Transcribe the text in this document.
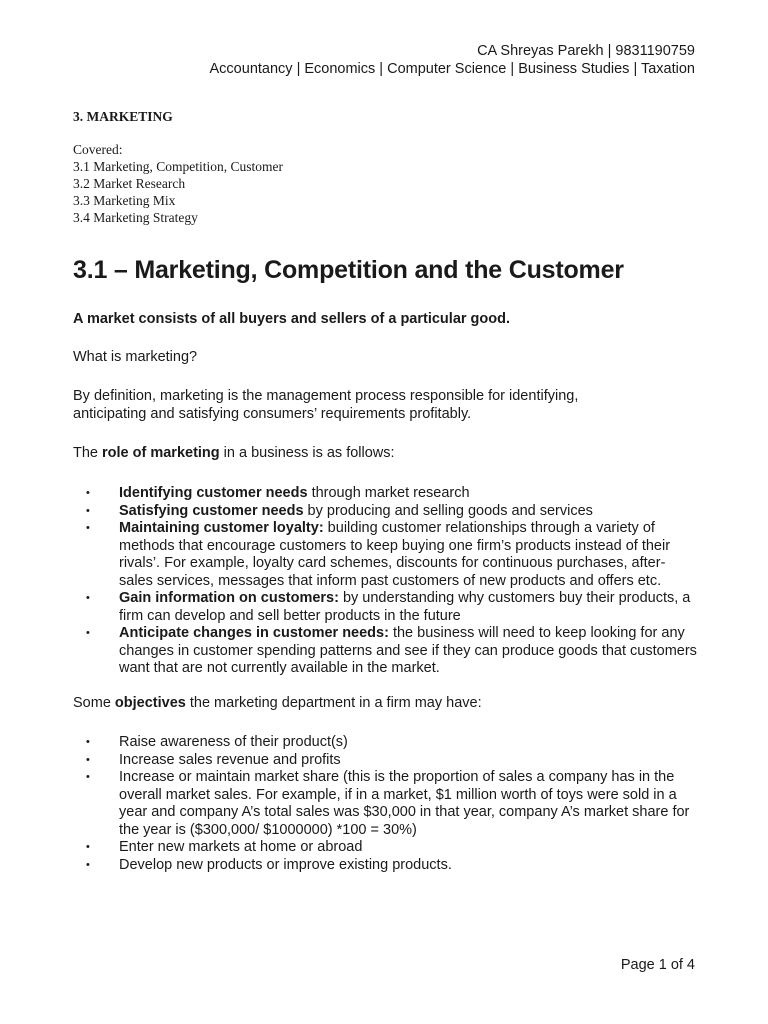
CA Shreyas Parekh | 9831190759
Accountancy | Economics | Computer Science | Business Studies | Taxation
3. MARKETING
Covered:
3.1 Marketing, Competition, Customer
3.2 Market Research
3.3 Marketing Mix
3.4 Marketing Strategy
3.1 – Marketing, Competition and the Customer
A market consists of all buyers and sellers of a particular good.
What is marketing?
By definition, marketing is the management process responsible for identifying, anticipating and satisfying consumers’ requirements profitably.
The role of marketing in a business is as follows:
• Identifying customer needs through market research
• Satisfying customer needs by producing and selling goods and services
• Maintaining customer loyalty: building customer relationships through a variety of methods that encourage customers to keep buying one firm’s products instead of their rivals’. For example, loyalty card schemes, discounts for continuous purchases, after-sales services, messages that inform past customers of new products and offers etc.
• Gain information on customers: by understanding why customers buy their products, a firm can develop and sell better products in the future
• Anticipate changes in customer needs: the business will need to keep looking for any changes in customer spending patterns and see if they can produce goods that customers want that are not currently available in the market.
Some objectives the marketing department in a firm may have:
• Raise awareness of their product(s)
• Increase sales revenue and profits
• Increase or maintain market share (this is the proportion of sales a company has in the overall market sales. For example, if in a market, $1 million worth of toys were sold in a year and company A’s total sales was $30,000 in that year, company A’s market share for the year is ($300,000/ $1000000) *100 = 30%)
• Enter new markets at home or abroad
• Develop new products or improve existing products.
Page 1 of 4
